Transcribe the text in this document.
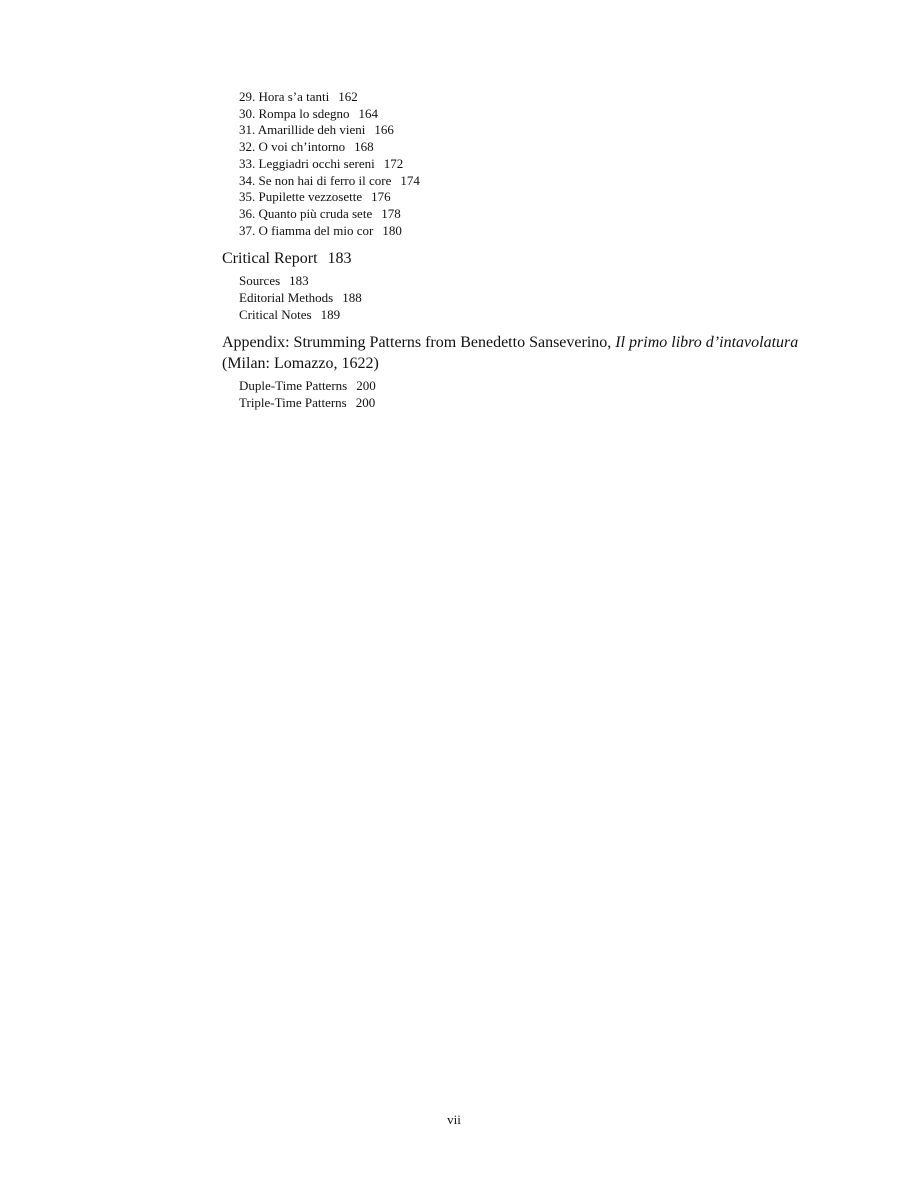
29. Hora s’a tanti 162
30. Rompa lo sdegno 164
31. Amarillide deh vieni 166
32. O voi ch’intorno 168
33. Leggiadri occhi sereni 172
34. Se non hai di ferro il core 174
35. Pupilette vezzosette 176
36. Quanto più cruda sete 178
37. O fiamma del mio cor 180
Critical Report 183
Sources 183
Editorial Methods 188
Critical Notes 189
Appendix: Strumming Patterns from Benedetto Sanseverino, Il primo libro d’intavolatura
(Milan: Lomazzo, 1622)
Duple-Time Patterns 200
Triple-Time Patterns 200
vii
